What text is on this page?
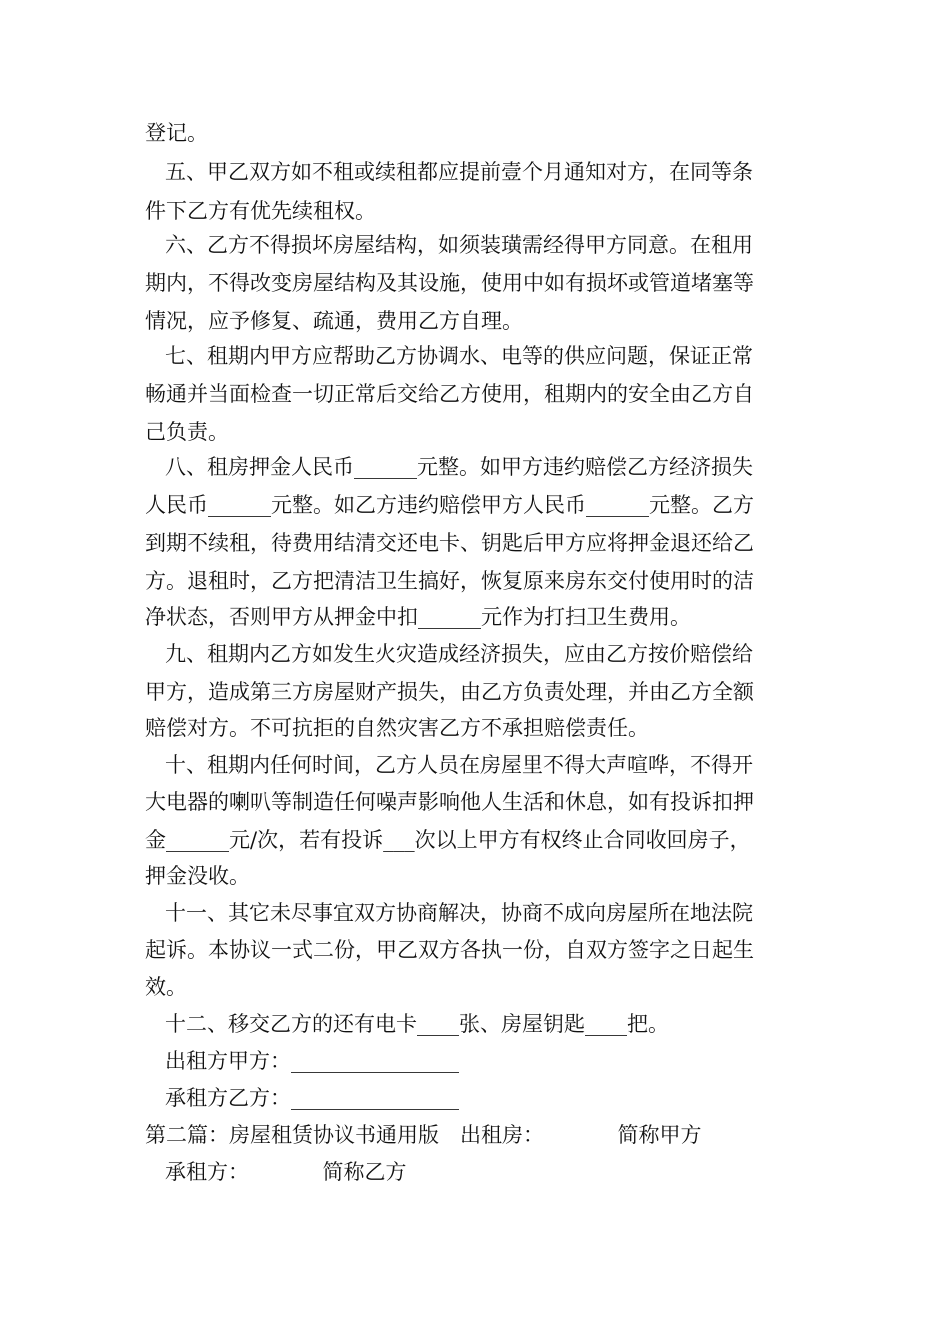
登记。
五、甲乙双方如不租或续租都应提前壹个月通知对方，在同等条
件下乙方有优先续租权。
六、乙方不得损坏房屋结构，如须装璜需经得甲方同意。在租用
期内，不得改变房屋结构及其设施，使用中如有损坏或管道堵塞等
情况，应予修复、疏通，费用乙方自理。
七、租期内甲方应帮助乙方协调水、电等的供应问题，保证正常
畅通并当面检查一切正常后交给乙方使用，租期内的安全由乙方自
己负责。
八、租房押金人民币______元整。如甲方违约赔偿乙方经济损失
人民币______元整。如乙方违约赔偿甲方人民币______元整。乙方
到期不续租，待费用结清交还电卡、钥匙后甲方应将押金退还给乙
方。退租时，乙方把清洁卫生搞好，恢复原来房东交付使用时的洁
净状态，否则甲方从押金中扣______元作为打扫卫生费用。
九、租期内乙方如发生火灾造成经济损失，应由乙方按价赔偿给
甲方，造成第三方房屋财产损失，由乙方负责处理，并由乙方全额
赔偿对方。不可抗拒的自然灾害乙方不承担赔偿责任。
十、租期内任何时间，乙方人员在房屋里不得大声喧哗，不得开
大电器的喇叭等制造任何噪声影响他人生活和休息，如有投诉扣押
金______元/次，若有投诉___次以上甲方有权终止合同收回房子，
押金没收。
十一、其它未尽事宜双方协商解决，协商不成向房屋所在地法院
起诉。本协议一式二份，甲乙双方各执一份，自双方签字之日起生
效。
十二、移交乙方的还有电卡____张、房屋钥匙____把。
出租方甲方：________________
承租方乙方：________________
第二篇：房屋租赁协议书通用版　出租房：　　　　简称甲方
承租方：　　　　简称乙方
